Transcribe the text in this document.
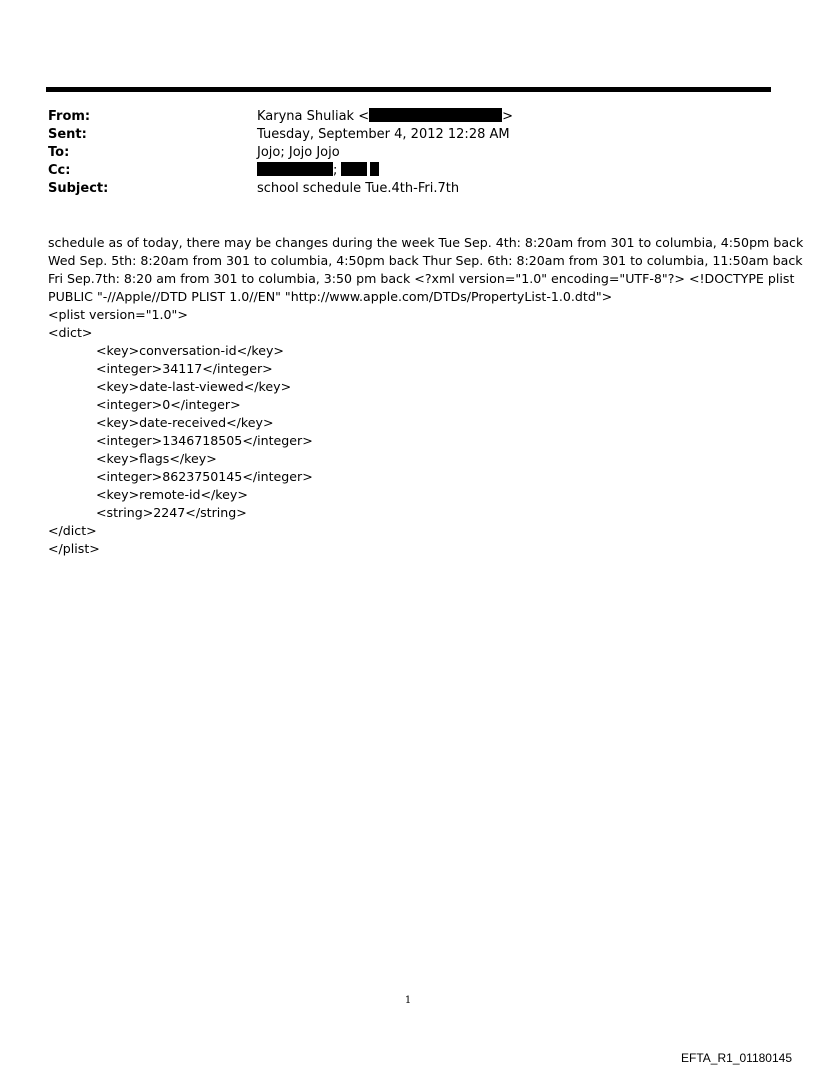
From:	Karyna Shuliak <	>
Sent:	Tuesday, September 4, 2012 12:28 AM
To:	Jojo; Jojo Jojo
Cc:	;
Subject:	school schedule Tue.4th-Fri.7th
schedule as of today, there may be changes during the week Tue Sep. 4th: 8:20am from 301 to columbia, 4:50pm back
Wed Sep. 5th: 8:20am from 301 to columbia, 4:50pm back Thur Sep. 6th: 8:20am from 301 to columbia, 11:50am back
Fri Sep.7th: 8:20 am from 301 to columbia, 3:50 pm back <?xml version="1.0" encoding="UTF-8"?> <!DOCTYPE plist
PUBLIC "-//Apple//DTD PLIST 1.0//EN" "http://www.apple.com/DTDs/PropertyList-1.0.dtd">
<plist version="1.0">
<dict>
<key>conversation-id</key>
<integer>34117</integer>
<key>date-last-viewed</key>
<integer>0</integer>
<key>date-received</key>
<integer>1346718505</integer>
<key>flags</key>
<integer>8623750145</integer>
<key>remote-id</key>
<string>2247</string>
</dict>
</plist>
1
EFTA_R1_01180145
